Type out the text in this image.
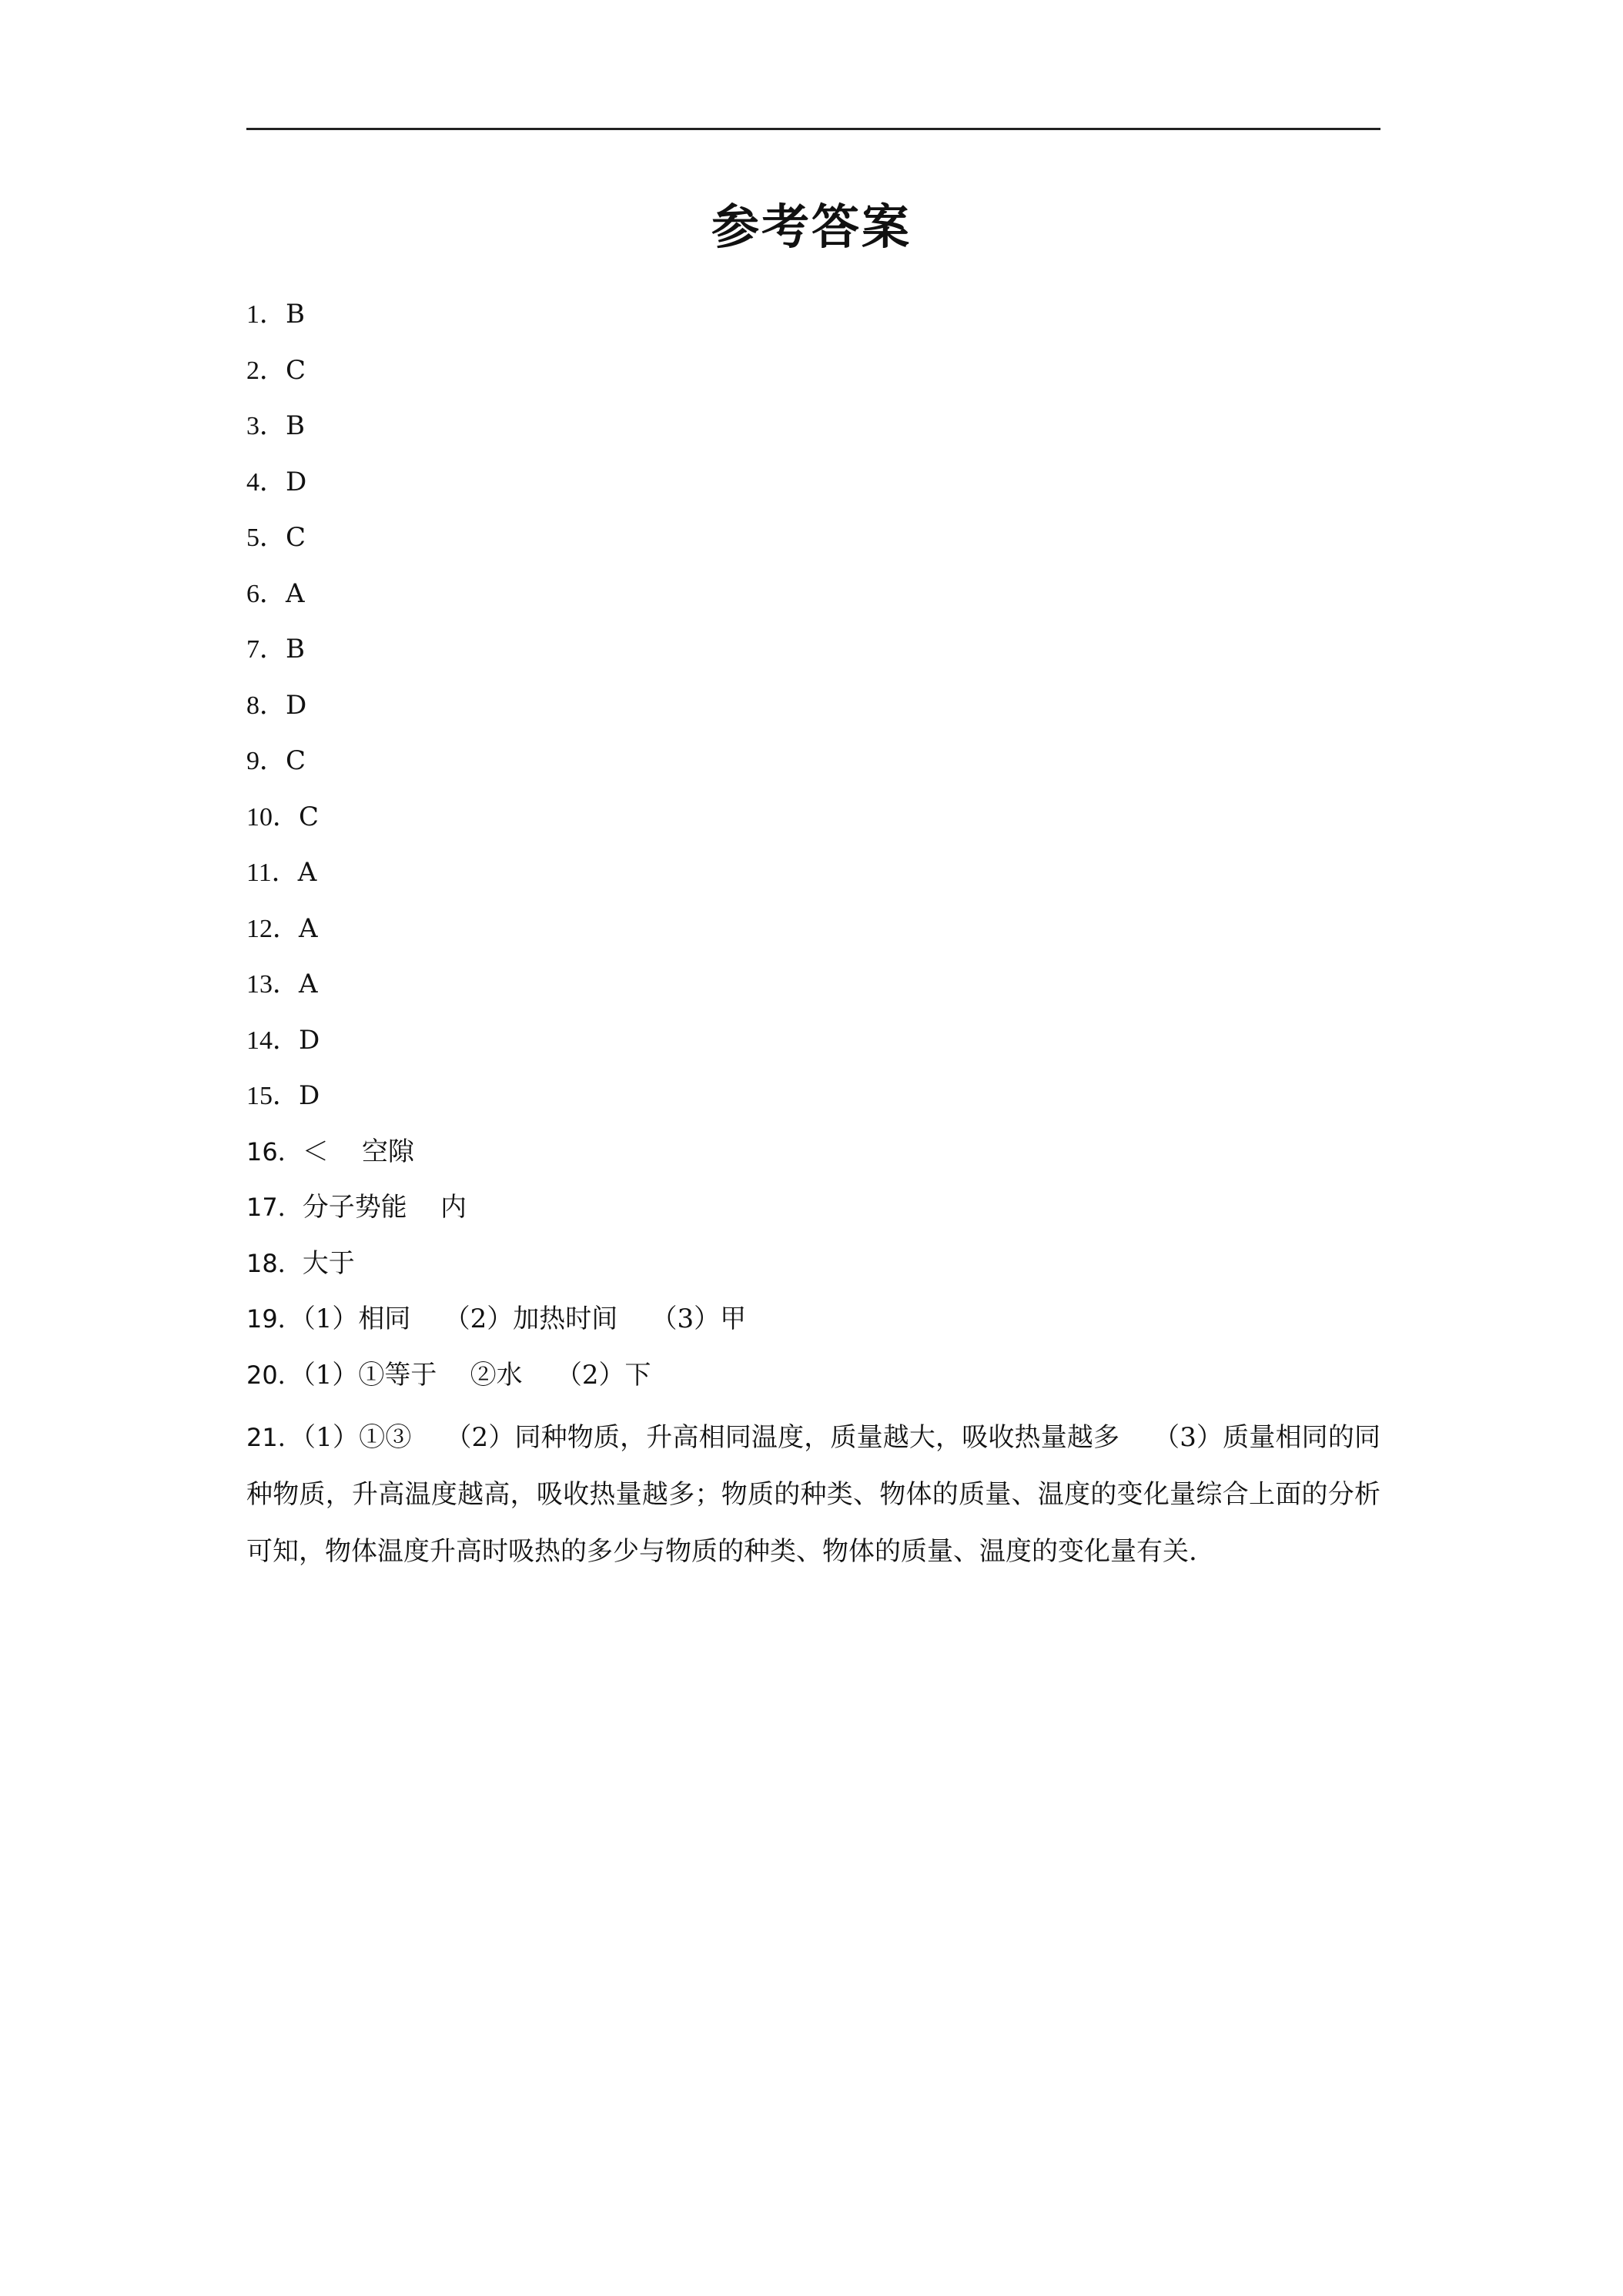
参考答案
1．B
2．C
3．B
4．D
5．C
6．A
7．B
8．D
9．C
10．C
11．A
12．A
13．A
14．D
15．D
16．＜    空隙
17．分子势能    内
18．大于
19．（1）相同    （2）加热时间    （3）甲
20．（1）①等于    ②水    （2）下
21．（1）①③    （2）同种物质，升高相同温度，质量越大，吸收热量越多    （3）质量相同的同种物质，升高温度越高，吸收热量越多；物质的种类、物体的质量、温度的变化量综合上面的分析可知，物体温度升高时吸热的多少与物质的种类、物体的质量、温度的变化量有关.
